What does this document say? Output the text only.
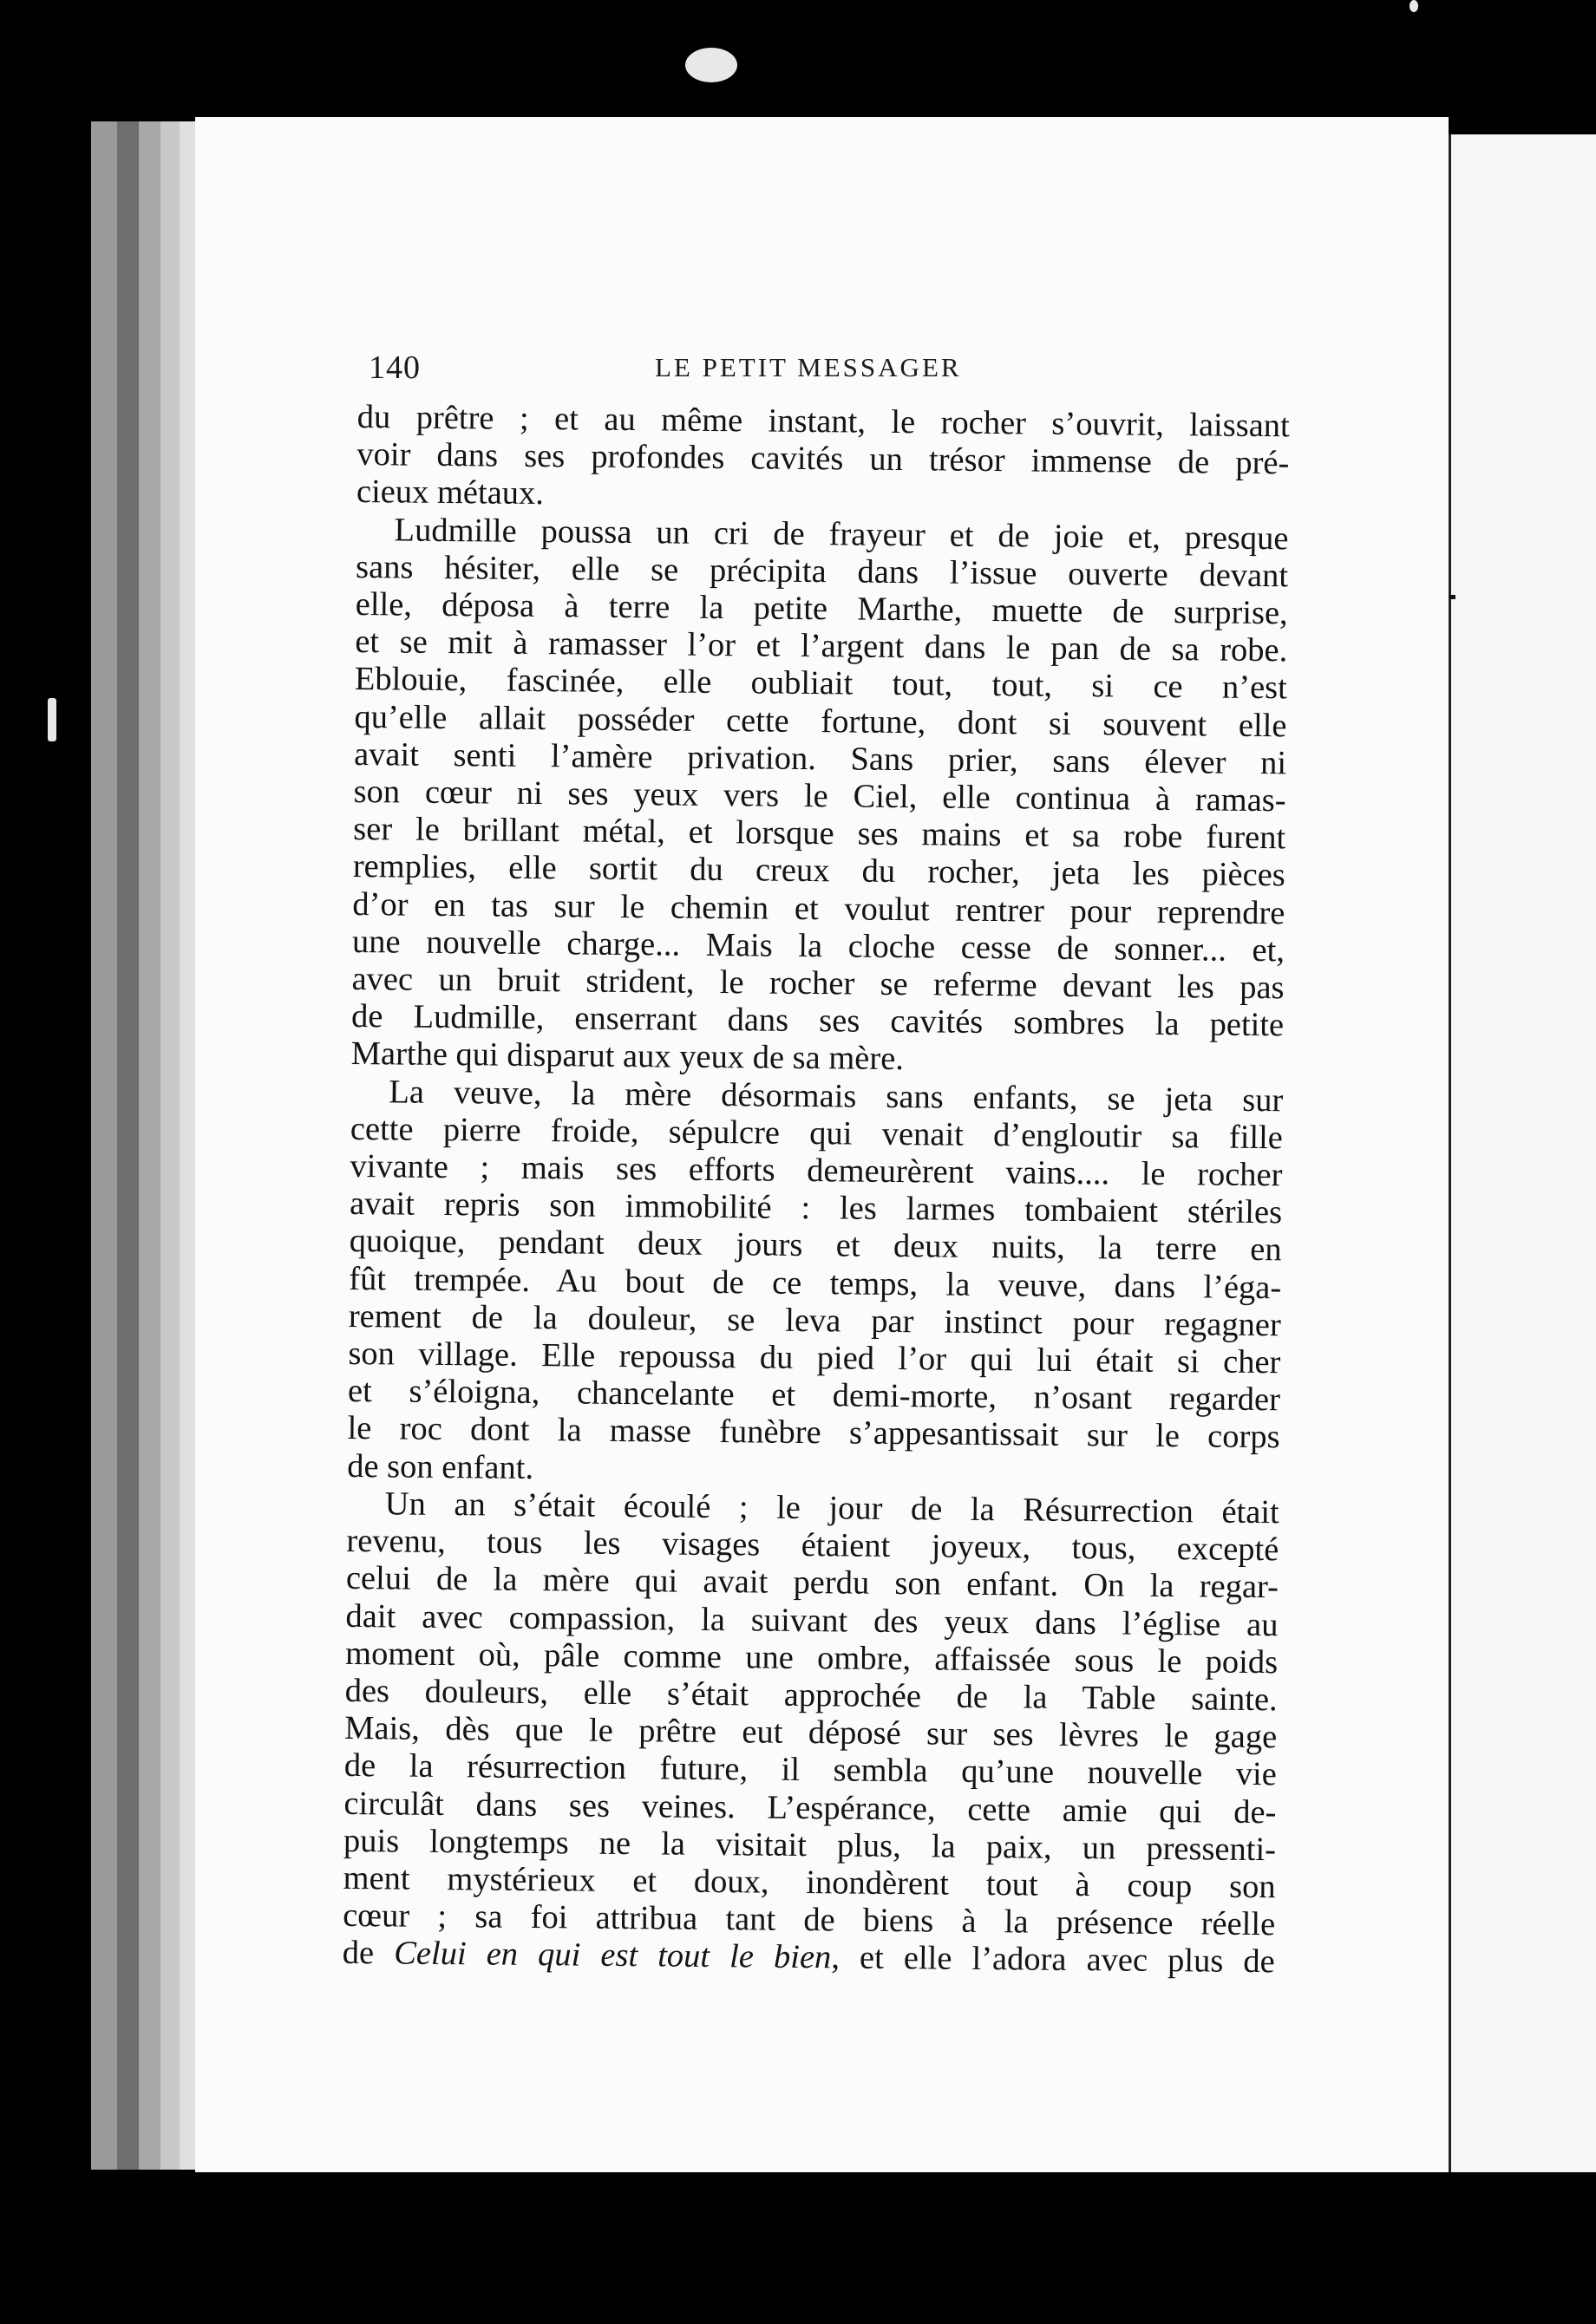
140	LE PETIT MESSAGER
du prêtre ; et au même instant, le rocher s’ouvrit, laissant
voir dans ses profondes cavités un trésor immense de pré-
cieux métaux.
Ludmille poussa un cri de frayeur et de joie et, presque
sans hésiter, elle se précipita dans l’issue ouverte devant
elle, déposa à terre la petite Marthe, muette de surprise,
et se mit à ramasser l’or et l’argent dans le pan de sa robe.
Eblouie, fascinée, elle oubliait tout, tout, si ce n’est
qu’elle allait posséder cette fortune, dont si souvent elle
avait senti l’amère privation. Sans prier, sans élever ni
son cœur ni ses yeux vers le Ciel, elle continua à ramas-
ser le brillant métal, et lorsque ses mains et sa robe furent
remplies, elle sortit du creux du rocher, jeta les pièces
d’or en tas sur le chemin et voulut rentrer pour reprendre
une nouvelle charge... Mais la cloche cesse de sonner... et,
avec un bruit strident, le rocher se referme devant les pas
de Ludmille, enserrant dans ses cavités sombres la petite
Marthe qui disparut aux yeux de sa mère.
La veuve, la mère désormais sans enfants, se jeta sur
cette pierre froide, sépulcre qui venait d’engloutir sa fille
vivante ; mais ses efforts demeurèrent vains.... le rocher
avait repris son immobilité : les larmes tombaient stériles
quoique, pendant deux jours et deux nuits, la terre en
fût trempée. Au bout de ce temps, la veuve, dans l’éga-
rement de la douleur, se leva par instinct pour regagner
son village. Elle repoussa du pied l’or qui lui était si cher
et s’éloigna, chancelante et demi-morte, n’osant regarder
le roc dont la masse funèbre s’appesantissait sur le corps
de son enfant.
Un an s’était écoulé ; le jour de la Résurrection était
revenu, tous les visages étaient joyeux, tous, excepté
celui de la mère qui avait perdu son enfant. On la regar-
dait avec compassion, la suivant des yeux dans l’église au
moment où, pâle comme une ombre, affaissée sous le poids
des douleurs, elle s’était approchée de la Table sainte.
Mais, dès que le prêtre eut déposé sur ses lèvres le gage
de la résurrection future, il sembla qu’une nouvelle vie
circulât dans ses veines. L’espérance, cette amie qui de-
puis longtemps ne la visitait plus, la paix, un pressenti-
ment mystérieux et doux, inondèrent tout à coup son
cœur ; sa foi attribua tant de biens à la présence réelle
de Celui en qui est tout le bien, et elle l’adora avec plus de
